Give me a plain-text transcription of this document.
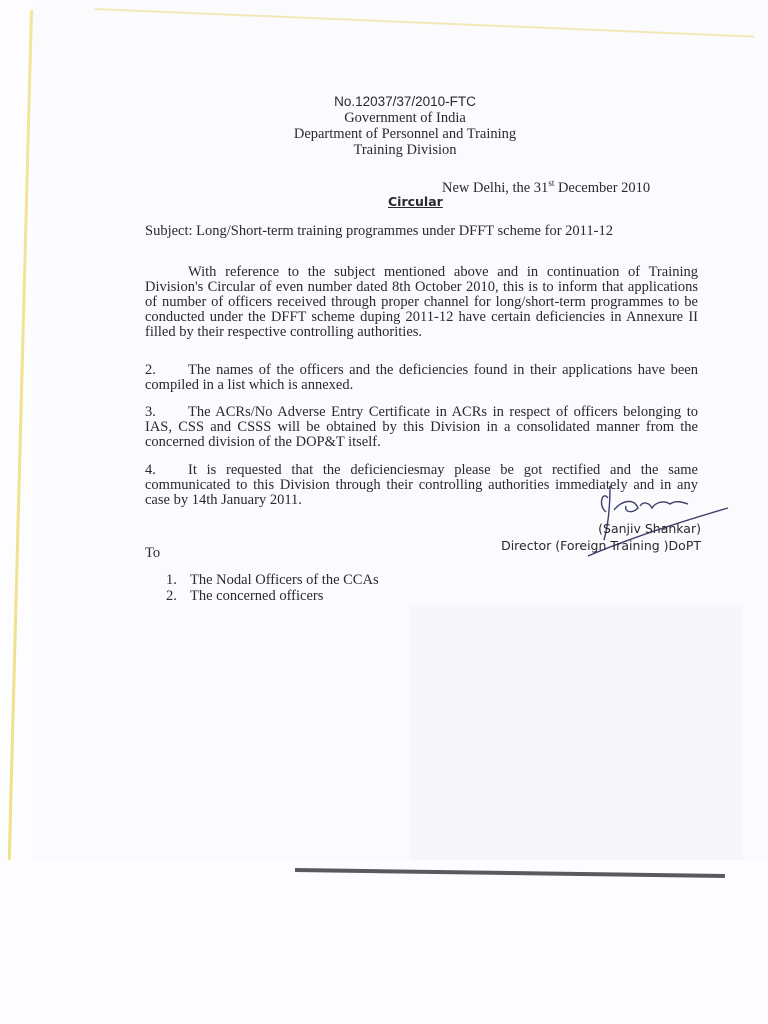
No.12037/37/2010-FTC
Government of India
Department of Personnel and Training
Training Division
New Delhi, the 31st December 2010
Circular
Subject: Long/Short-term training programmes under DFFT scheme for 2011-12
With reference to the subject mentioned above and in continuation of Training Division's Circular of even number dated 8th October 2010, this is to inform that applications of number of officers received through proper channel for long/short-term programmes to be conducted under the DFFT scheme duping 2011-12 have certain deficiencies in Annexure II filled by their respective controlling authorities.
2. The names of the officers and the deficiencies found in their applications have been compiled in a list which is annexed.
3. The ACRs/No Adverse Entry Certificate in ACRs in respect of officers belonging to IAS, CSS and CSSS will be obtained by this Division in a consolidated manner from the concerned division of the DOP&T itself.
4. It is requested that the deficienciesmay please be got rectified and the same communicated to this Division through their controlling authorities immediately and in any case by 14th January 2011.
(Sanjiv Shankar)
Director (Foreign Training )DoPT
To
1. The Nodal Officers of the CCAs
2. The concerned officers
